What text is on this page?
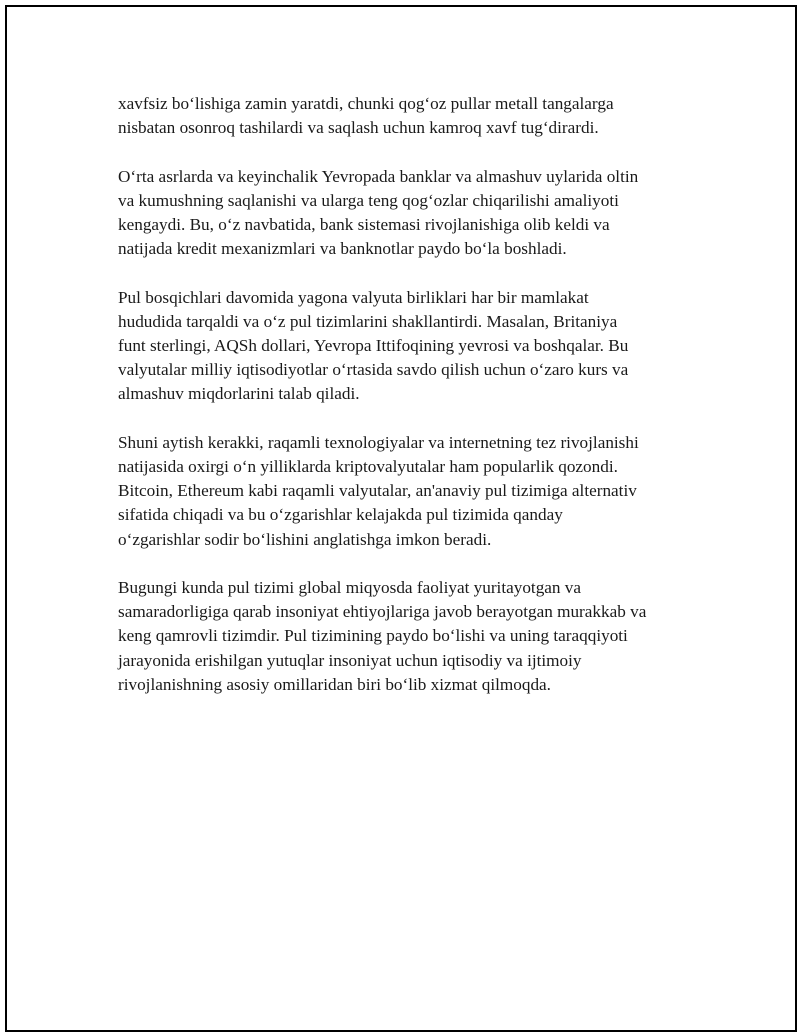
xavfsiz bo‘lishiga zamin yaratdi, chunki qog‘oz pullar metall tangalarga
nisbatan osonroq tashilardi va saqlash uchun kamroq xavf tug‘dirardi.

O‘rta asrlarda va keyinchalik Yevropada banklar va almashuv uylarida oltin
va kumushning saqlanishi va ularga teng qog‘ozlar chiqarilishi amaliyoti
kengaydi. Bu, o‘z navbatida, bank sistemasi rivojlanishiga olib keldi va
natijada kredit mexanizmlari va banknotlar paydo bo‘la boshladi.

Pul bosqichlari davomida yagona valyuta birliklari har bir mamlakat
hududida tarqaldi va o‘z pul tizimlarini shakllantirdi. Masalan, Britaniya
funt sterlingi, AQSh dollari, Yevropa Ittifoqining yevrosi va boshqalar. Bu
valyutalar milliy iqtisodiyotlar o‘rtasida savdo qilish uchun o‘zaro kurs va
almashuv miqdorlarini talab qiladi.

Shuni aytish kerakki, raqamli texnologiyalar va internetning tez rivojlanishi
natijasida oxirgi o‘n yilliklarda kriptovalyutalar ham popularlik qozondi.
Bitcoin, Ethereum kabi raqamli valyutalar, an'anaviy pul tizimiga alternativ
sifatida chiqadi va bu o‘zgarishlar kelajakda pul tizimida qanday
o‘zgarishlar sodir bo‘lishini anglatishga imkon beradi.

Bugungi kunda pul tizimi global miqyosda faoliyat yuritayotgan va
samaradorligiga qarab insoniyat ehtiyojlariga javob berayotgan murakkab va
keng qamrovli tizimdir. Pul tizimining paydo bo‘lishi va uning taraqqiyoti
jarayonida erishilgan yutuqlar insoniyat uchun iqtisodiy va ijtimoiy
rivojlanishning asosiy omillaridan biri bo‘lib xizmat qilmoqda.
